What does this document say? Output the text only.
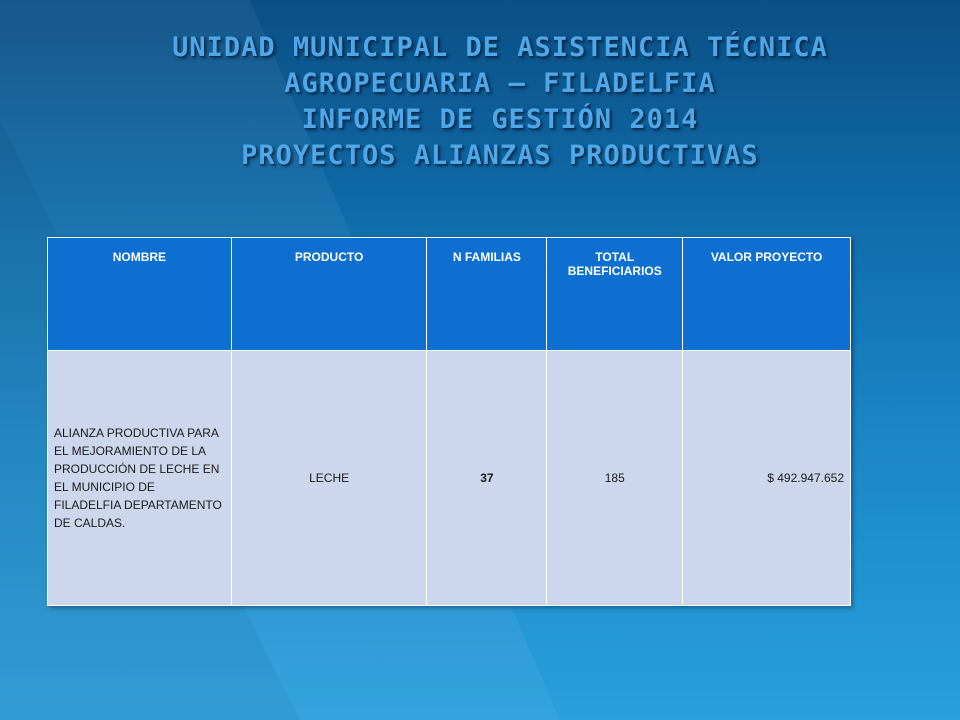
UNIDAD MUNICIPAL DE ASISTENCIA TÉCNICA
AGROPECUARIA – FILADELFIA
INFORME DE GESTIÓN 2014
PROYECTOS ALIANZAS PRODUCTIVAS
NOMBRE	PRODUCTO	N FAMILIAS	TOTAL BENEFICIARIOS	VALOR PROYECTO
ALIANZA PRODUCTIVA PARA EL MEJORAMIENTO DE LA PRODUCCIÓN DE LECHE EN EL MUNICIPIO DE FILADELFIA DEPARTAMENTO DE CALDAS.	LECHE	37	185	$ 492.947.652
